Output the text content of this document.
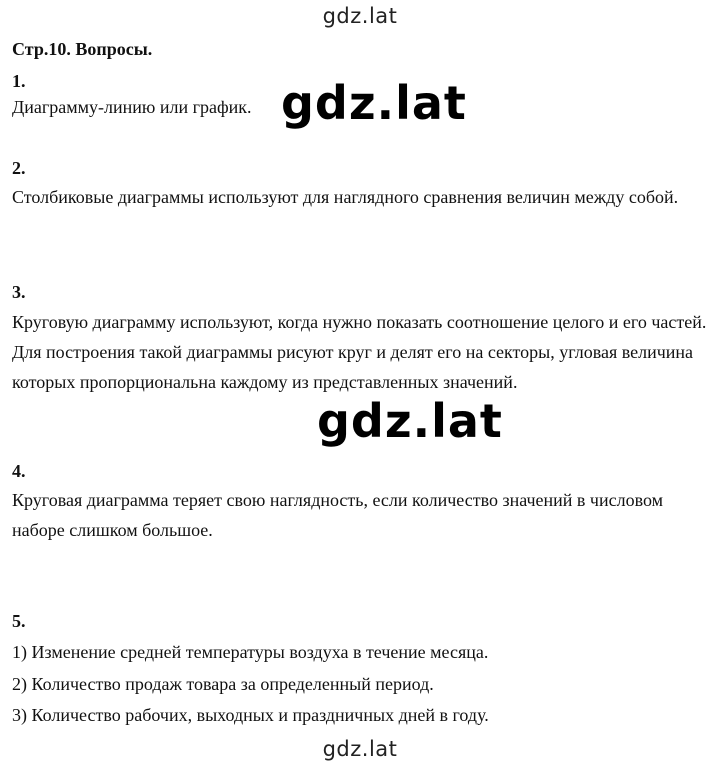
gdz.lat
Стр.10. Вопросы.
1.
Диаграмму-линию или график.
2.
Столбиковые диаграммы используют для наглядного сравнения величин между собой.
3.
Круговую диаграмму используют, когда нужно показать соотношение целого и его частей. Для построения такой диаграммы рисуют круг и делят его на секторы, угловая величина которых пропорциональна каждому из представленных значений.
4.
Круговая диаграмма теряет свою наглядность, если количество значений в числовом наборе слишком большое.
5.
1) Изменение средней температуры воздуха в течение месяца.
2) Количество продаж товара за определенный период.
3) Количество рабочих, выходных и праздничных дней в году.
gdz.lat
gdz.lat
gdz.lat
